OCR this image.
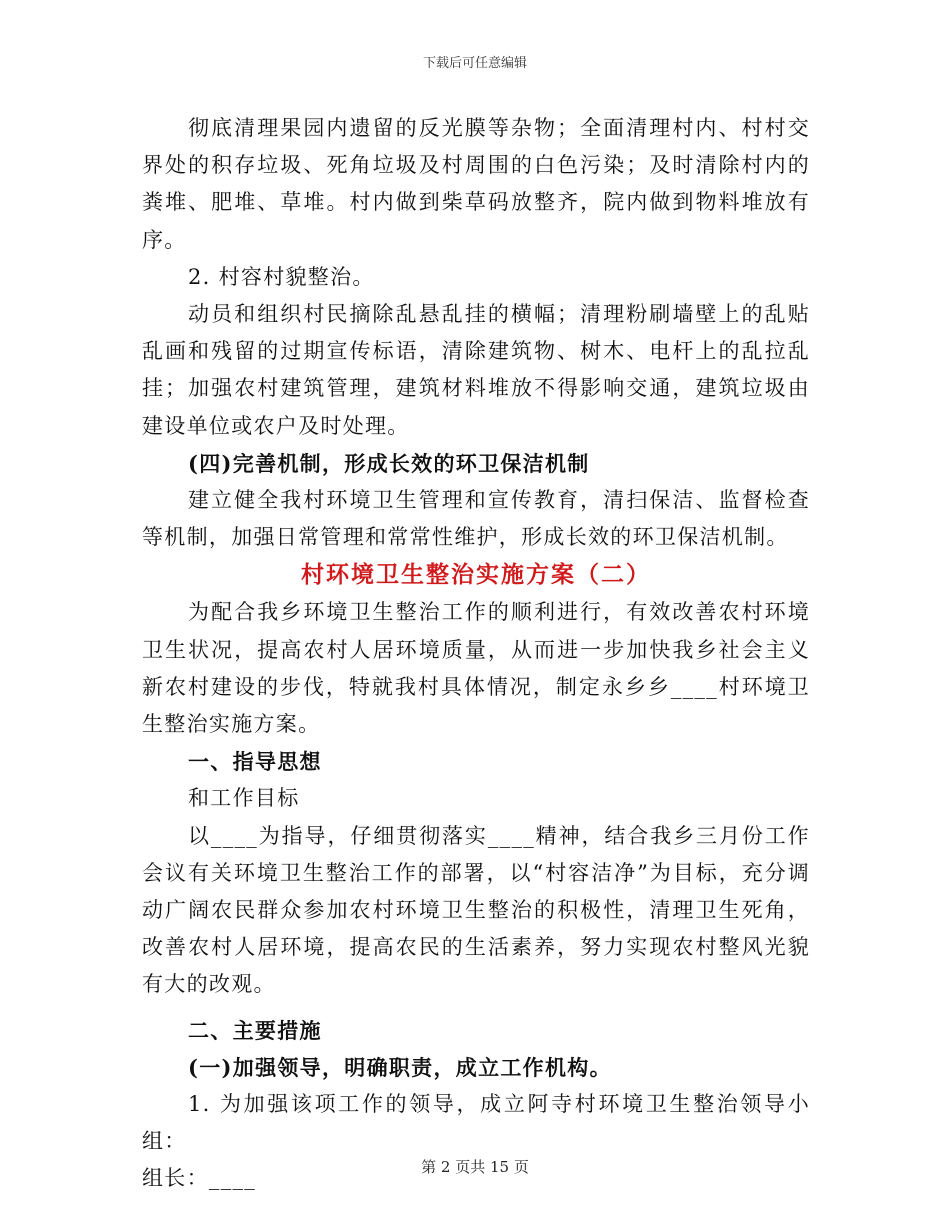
下载后可任意编辑

彻底清理果园内遗留的反光膜等杂物；全面清理村内、村村交界处的积存垃圾、死角垃圾及村周围的白色污染；及时清除村内的粪堆、肥堆、草堆。村内做到柴草码放整齐，院内做到物料堆放有序。

2. 村容村貌整治。

动员和组织村民摘除乱悬乱挂的横幅；清理粉刷墙壁上的乱贴乱画和残留的过期宣传标语，清除建筑物、树木、电杆上的乱拉乱挂；加强农村建筑管理，建筑材料堆放不得影响交通，建筑垃圾由建设单位或农户及时处理。

(四)完善机制，形成长效的环卫保洁机制

建立健全我村环境卫生管理和宣传教育，清扫保洁、监督检查等机制，加强日常管理和常常性维护，形成长效的环卫保洁机制。

村环境卫生整治实施方案（二）

为配合我乡环境卫生整治工作的顺利进行，有效改善农村环境卫生状况，提高农村人居环境质量，从而进一步加快我乡社会主义新农村建设的步伐，特就我村具体情况，制定永乡乡____村环境卫生整治实施方案。

一、指导思想

和工作目标

以____为指导，仔细贯彻落实____精神，结合我乡三月份工作会议有关环境卫生整治工作的部署，以“村容洁净”为目标，充分调动广阔农民群众参加农村环境卫生整治的积极性，清理卫生死角，改善农村人居环境，提高农民的生活素养，努力实现农村整风光貌有大的改观。

二、主要措施

(一)加强领导，明确职责，成立工作机构。

1. 为加强该项工作的领导，成立阿寺村环境卫生整治领导小组：

组长：____	第 2 页共 15 页
